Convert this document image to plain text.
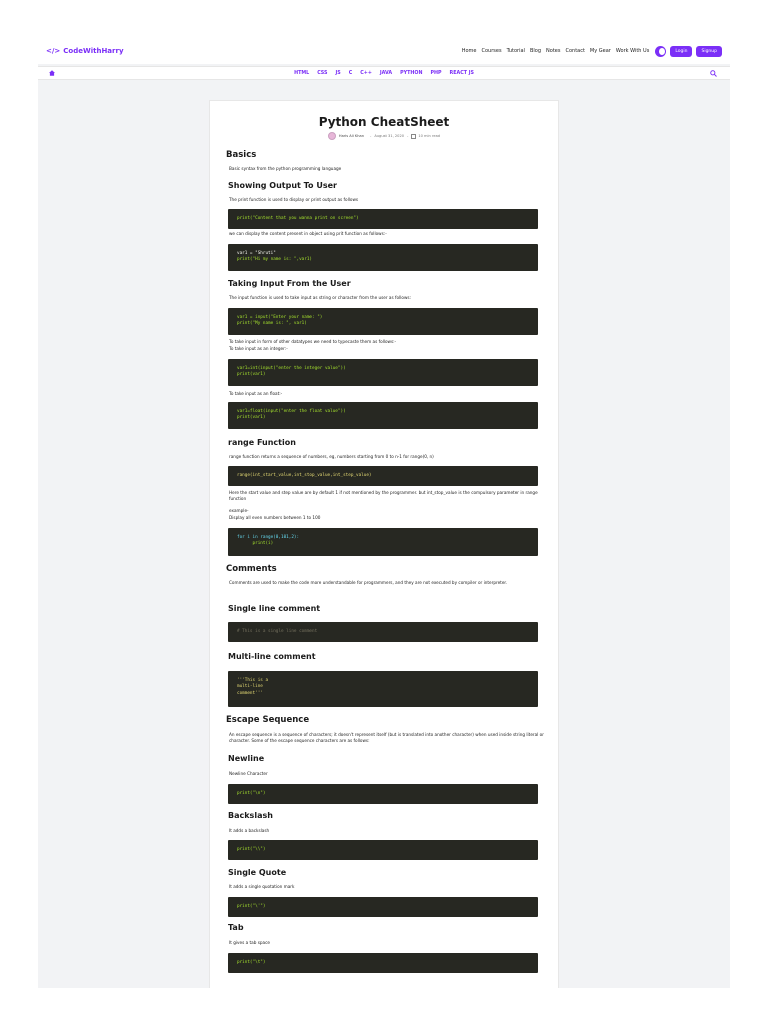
</> CodeWithHarry	Home Courses Tutorial Blog Notes Contact My Gear Work With Us	Login	Signup
HTML CSS JS C C++ JAVA PYTHON PHP REACT JS
Python CheatSheet
Haris Ali Khan - August 31, 2020 -	10 min read
Basics
Basic syntax from the python programming language
Showing Output To User
The print function is used to display or print output as follows
print("Content that you wanna print on screen")
we can display the content present in object using prit function as follows:-
var1 = "Shruti"
print("Hi my name is: ",var1)
Taking Input From the User
The input function is used to take input as string or character from the user as follows:
var1 = input("Enter your name: ")
print("My name is: ", var1)
To take input in form of other datatypes we need to typecaste them as follows:-
To take input as an integer:-
var1=int(input("enter the integer value"))
print(var1)
To take input as an float:-
var1=float(input("enter the float value"))
print(var1)
range Function
range function returns a sequence of numbers, eg, numbers starting from 0 to n-1 for range(0, n)
range(int_start_value,int_stop_value,int_step_value)
Here the start value and step value are by default 1 if not mentioned by the programmer. but int_stop_value is the compulsory parameter in range function
example-
Display all even numbers between 1 to 100
for i in range(0,101,2):
print(i)
Comments
Comments are used to make the code more understandable for programmers, and they are not executed by compiler or interpreter.
Single line comment
# This is a single line comment
Multi-line comment
'''This is a
multi-line
comment'''
Escape Sequence
An escape sequence is a sequence of characters; it doesn't represent itself (but is translated into another character) when used inside string literal or character. Some of the escape sequence characters are as follows:
Newline
Newline Character
print("\n")
Backslash
It adds a backslash
print("\\")
Single Quote
It adds a single quotation mark
print("\'")
Tab
It gives a tab space
print("\t")
